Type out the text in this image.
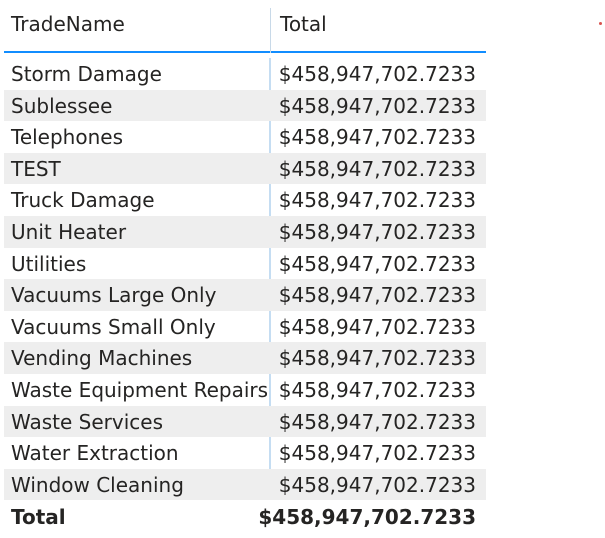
TradeName	Total
Storm Damage	$458,947,702.7233
Sublessee	$458,947,702.7233
Telephones	$458,947,702.7233
TEST	$458,947,702.7233
Truck Damage	$458,947,702.7233
Unit Heater	$458,947,702.7233
Utilities	$458,947,702.7233
Vacuums Large Only	$458,947,702.7233
Vacuums Small Only	$458,947,702.7233
Vending Machines	$458,947,702.7233
Waste Equipment Repairs $458,947,702.7233
Waste Services	$458,947,702.7233
Water Extraction	$458,947,702.7233
Window Cleaning	$458,947,702.7233
Total	$458,947,702.7233
